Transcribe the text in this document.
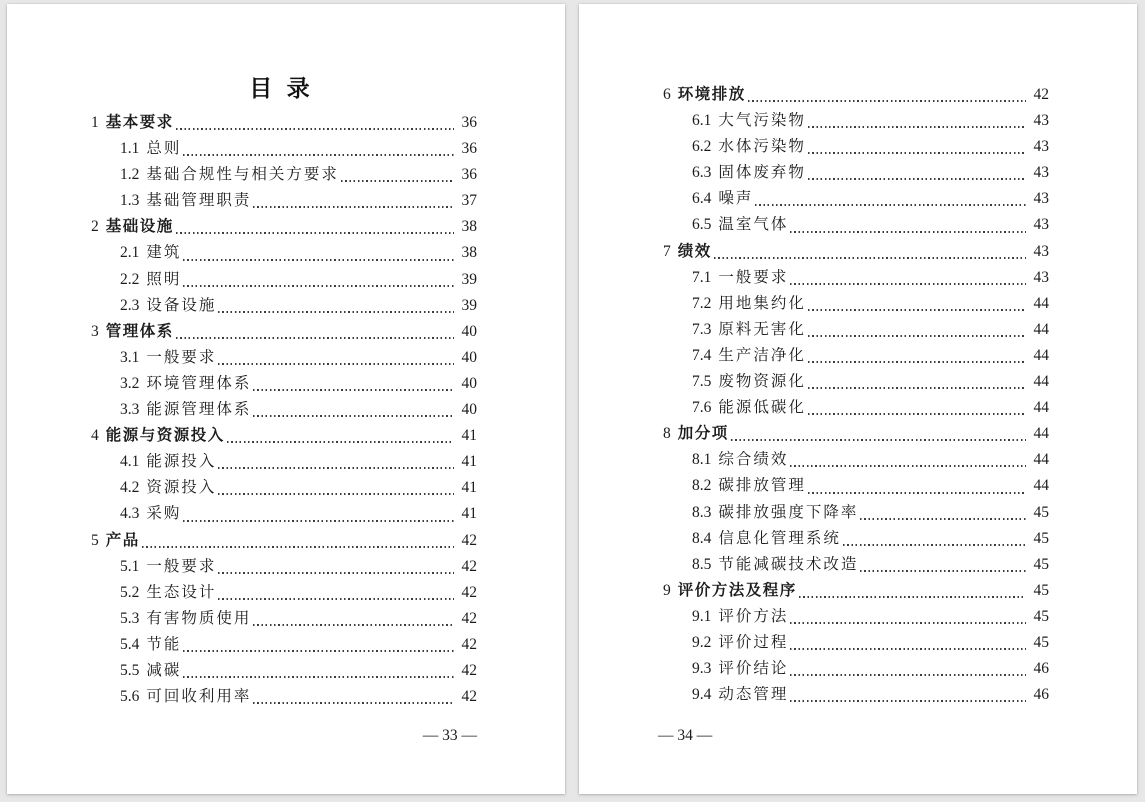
目 录
1 基本要求	36
1.1 总则	36
1.2 基础合规性与相关方要求	36
1.3 基础管理职责	37
2 基础设施	38
2.1 建筑	38
2.2 照明	39
2.3 设备设施	39
3 管理体系	40
3.1 一般要求	40
3.2 环境管理体系	40
3.3 能源管理体系	40
4 能源与资源投入	41
4.1 能源投入	41
4.2 资源投入	41
4.3 采购	41
5 产品	42
5.1 一般要求	42
5.2 生态设计	42
5.3 有害物质使用	42
5.4 节能	42
5.5 减碳	42
5.6 可回收利用率	42
— 33 —
6 环境排放	42
6.1 大气污染物	43
6.2 水体污染物	43
6.3 固体废弃物	43
6.4 噪声	43
6.5 温室气体	43
7 绩效	43
7.1 一般要求	43
7.2 用地集约化	44
7.3 原料无害化	44
7.4 生产洁净化	44
7.5 废物资源化	44
7.6 能源低碳化	44
8 加分项	44
8.1 综合绩效	44
8.2 碳排放管理	44
8.3 碳排放强度下降率	45
8.4 信息化管理系统	45
8.5 节能减碳技术改造	45
9 评价方法及程序	45
9.1 评价方法	45
9.2 评价过程	45
9.3 评价结论	46
9.4 动态管理	46
— 34 —
